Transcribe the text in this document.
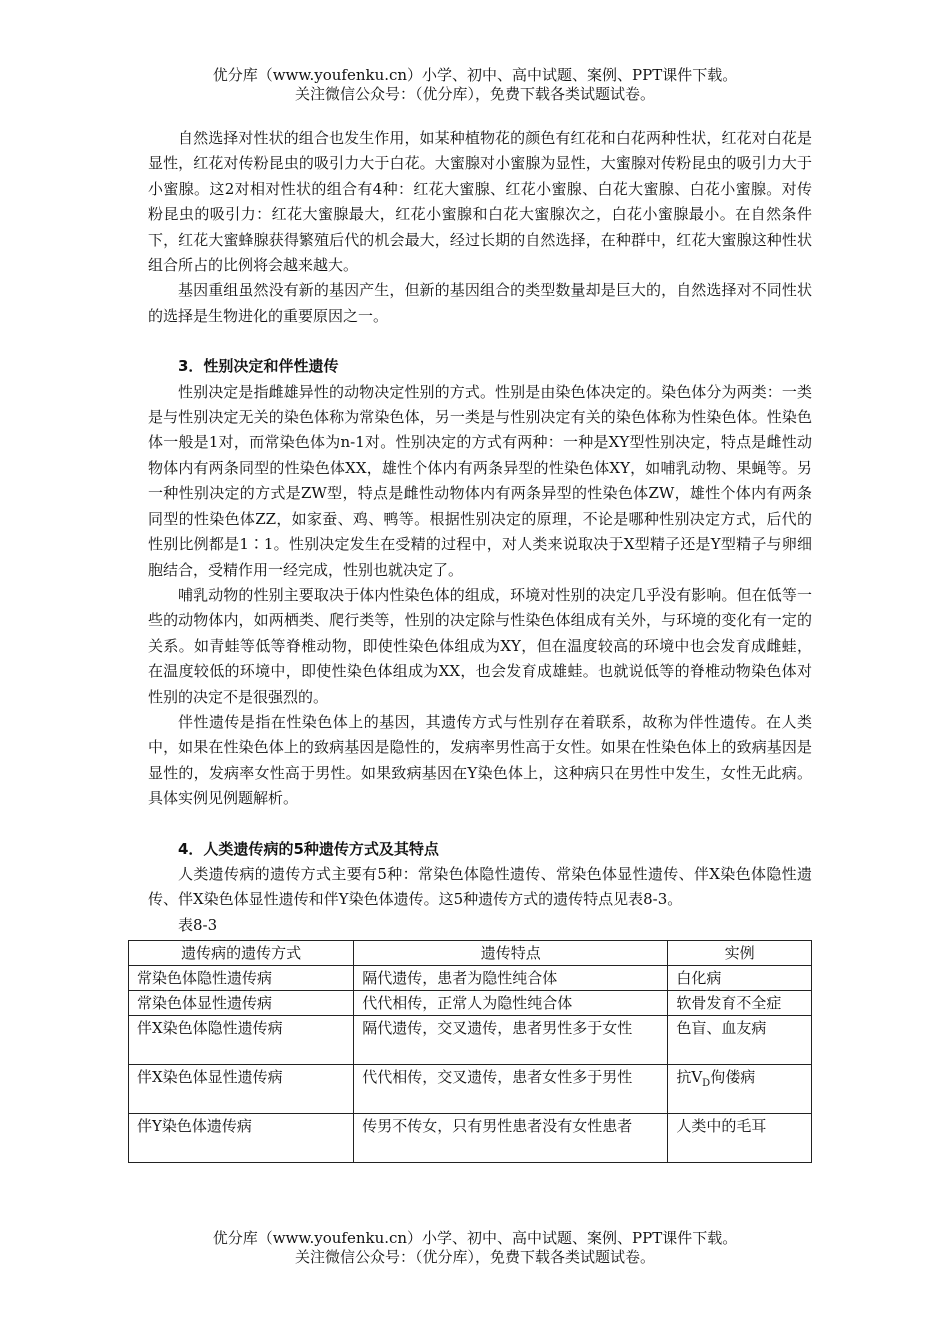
优分库（www.youfenku.cn）小学、初中、高中试题、案例、PPT课件下载。
关注微信公众号：（优分库），免费下载各类试题试卷。

自然选择对性状的组合也发生作用，如某种植物花的颜色有红花和白花两种性状，红花对白花是显性，红花对传粉昆虫的吸引力大于白花。大蜜腺对小蜜腺为显性，大蜜腺对传粉昆虫的吸引力大于小蜜腺。这2对相对性状的组合有4种：红花大蜜腺、红花小蜜腺、白花大蜜腺、白花小蜜腺。对传粉昆虫的吸引力：红花大蜜腺最大，红花小蜜腺和白花大蜜腺次之，白花小蜜腺最小。在自然条件下，红花大蜜蜂腺获得繁殖后代的机会最大，经过长期的自然选择，在种群中，红花大蜜腺这种性状组合所占的比例将会越来越大。

基因重组虽然没有新的基因产生，但新的基因组合的类型数量却是巨大的，自然选择对不同性状的选择是生物进化的重要原因之一。

3．性别决定和伴性遗传

性别决定是指雌雄异性的动物决定性别的方式。性别是由染色体决定的。染色体分为两类：一类是与性别决定无关的染色体称为常染色体，另一类是与性别决定有关的染色体称为性染色体。性染色体一般是1对，而常染色体为n-1对。性别决定的方式有两种：一种是XY型性别决定，特点是雌性动物体内有两条同型的性染色体XX，雄性个体内有两条异型的性染色体XY，如哺乳动物、果蝇等。另一种性别决定的方式是ZW型，特点是雌性动物体内有两条异型的性染色体ZW，雄性个体内有两条同型的性染色体ZZ，如家蚕、鸡、鸭等。根据性别决定的原理，不论是哪种性别决定方式，后代的性别比例都是1∶1。性别决定发生在受精的过程中，对人类来说取决于X型精子还是Y型精子与卵细胞结合，受精作用一经完成，性别也就决定了。

哺乳动物的性别主要取决于体内性染色体的组成，环境对性别的决定几乎没有影响。但在低等一些的动物体内，如两栖类、爬行类等，性别的决定除与性染色体组成有关外，与环境的变化有一定的关系。如青蛙等低等脊椎动物，即使性染色体组成为XY，但在温度较高的环境中也会发育成雌蛙，在温度较低的环境中，即使性染色体组成为XX，也会发育成雄蛙。也就说低等的脊椎动物染色体对性别的决定不是很强烈的。

伴性遗传是指在性染色体上的基因，其遗传方式与性别存在着联系，故称为伴性遗传。在人类中，如果在性染色体上的致病基因是隐性的，发病率男性高于女性。如果在性染色体上的致病基因是显性的，发病率女性高于男性。如果致病基因在Y染色体上，这种病只在男性中发生，女性无此病。具体实例见例题解析。

4．人类遗传病的5种遗传方式及其特点

人类遗传病的遗传方式主要有5种：常染色体隐性遗传、常染色体显性遗传、伴X染色体隐性遗传、伴X染色体显性遗传和伴Y染色体遗传。这5种遗传方式的遗传特点见表8-3。

表8-3

遗传病的遗传方式	遗传特点	实例
常染色体隐性遗传病	隔代遗传，患者为隐性纯合体	白化病
常染色体显性遗传病	代代相传，正常人为隐性纯合体	软骨发育不全症
伴X染色体隐性遗传病	隔代遗传，交叉遗传，患者男性多于女性	色盲、血友病
伴X染色体显性遗传病	代代相传，交叉遗传，患者女性多于男性	抗$V_D$佝偻病
伴Y染色体遗传病	传男不传女，只有男性患者没有女性患者	人类中的毛耳
优分库（www.youfenku.cn）小学、初中、高中试题、案例、PPT课件下载。
关注微信公众号：（优分库），免费下载各类试题试卷。
